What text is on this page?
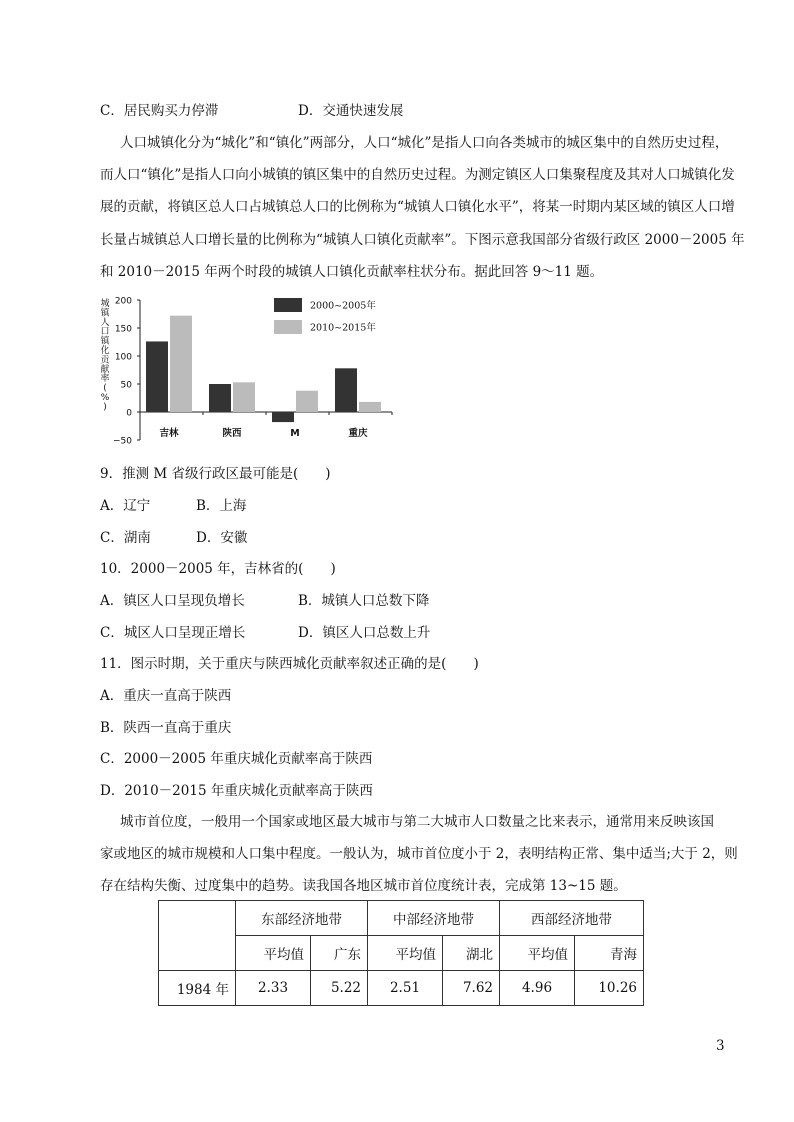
C．居民购买力停滞	D．交通快速发展
人口城镇化分为“城化”和“镇化”两部分，人口“城化”是指人口向各类城市的城区集中的自然历史过程，
而人口“镇化”是指人口向小城镇的镇区集中的自然历史过程。为测定镇区人口集聚程度及其对人口城镇化发
展的贡献，将镇区总人口占城镇总人口的比例称为“城镇人口镇化水平”，将某一时期内某区域的镇区人口增
长量占城镇总人口增长量的比例称为“城镇人口镇化贡献率”。下图示意我国部分省级行政区 2000－2005 年
和 2010－2015 年两个时段的城镇人口镇化贡献率柱状分布。据此回答 9～11 题。
城
镇
人
口
镇
化
贡
献
率
(
%
)
200
150
100
50
0
−50
吉林	陕西	M	重庆
2000~2005年
2010~2015年
9．推测 M 省级行政区最可能是(　　)
A．辽宁	B．上海
C．湖南	D．安徽
10．2000－2005 年，吉林省的(　　)
A．镇区人口呈现负增长	B．城镇人口总数下降
C．城区人口呈现正增长	D．镇区人口总数上升
11．图示时期，关于重庆与陕西城化贡献率叙述正确的是(　　)
A．重庆一直高于陕西
B．陕西一直高于重庆
C．2000－2005 年重庆城化贡献率高于陕西
D．2010－2015 年重庆城化贡献率高于陕西
城市首位度，一般用一个国家或地区最大城市与第二大城市人口数量之比来表示，通常用来反映该国
家或地区的城市规模和人口集中程度。一般认为，城市首位度小于 2，表明结构正常、集中适当;大于 2，则
存在结构失衡、过度集中的趋势。读我国各地区城市首位度统计表，完成第 13~15 题。
	东部经济地带		中部经济地带		西部经济地带	
	平均值	广东	平均值	湖北	平均值	青海
1984 年	2.33	5.22	2.51	7.62	4.96	10.26
3
